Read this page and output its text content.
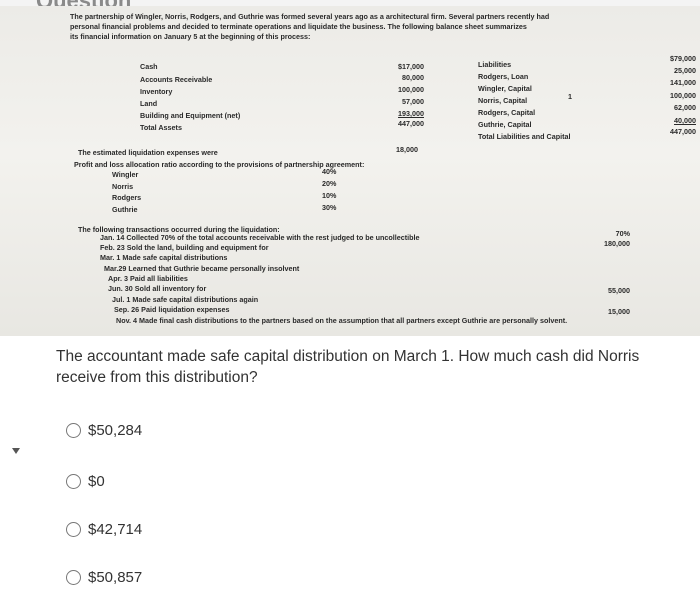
The partnership of Wingler, Norris, Rodgers, and Guthrie was formed several years ago as a architectural firm. Several partners recently had
personal financial problems and decided to terminate operations and liquidate the business. The following balance sheet summarizes
its financial information on January 5 at the beginning of this process:
Cash
Accounts Receivable
Inventory
Land
Building and Equipment (net)
Total Assets
$17,000
80,000
100,000
57,000
193,000
447,000
Liabilities
Rodgers, Loan
Wingler, Capital
Norris, Capital
Rodgers, Capital
Guthrie, Capital
Total Liabilities and Capital
1
$79,000
25,000
141,000
100,000
62,000
40,000
447,000
The estimated liquidation expenses were	18,000
Profit and loss allocation ratio according to the provisions of partnership agreement:
Wingler
Norris
Rodgers
Guthrie
40%
20%
10%
30%
The following transactions occurred during the liquidation:
Jan. 14 Collected 70% of the total accounts receivable with the rest judged to be uncollectible
Feb. 23 Sold the land, building and equipment for
Mar. 1 Made safe capital distributions
Mar.29 Learned that Guthrie became personally insolvent
Apr. 3 Paid all liabilities
Jun. 30 Sold all inventory for
Jul. 1 Made safe capital distributions again
Sep. 26 Paid liquidation expenses
Nov. 4 Made final cash distributions to the partners based on the assumption that all partners except Guthrie are personally solvent.
70%
180,000
55,000
15,000
The accountant made safe capital distribution on March 1. How much cash did Norris receive from this distribution?
$50,284
$0
$42,714
$50,857
